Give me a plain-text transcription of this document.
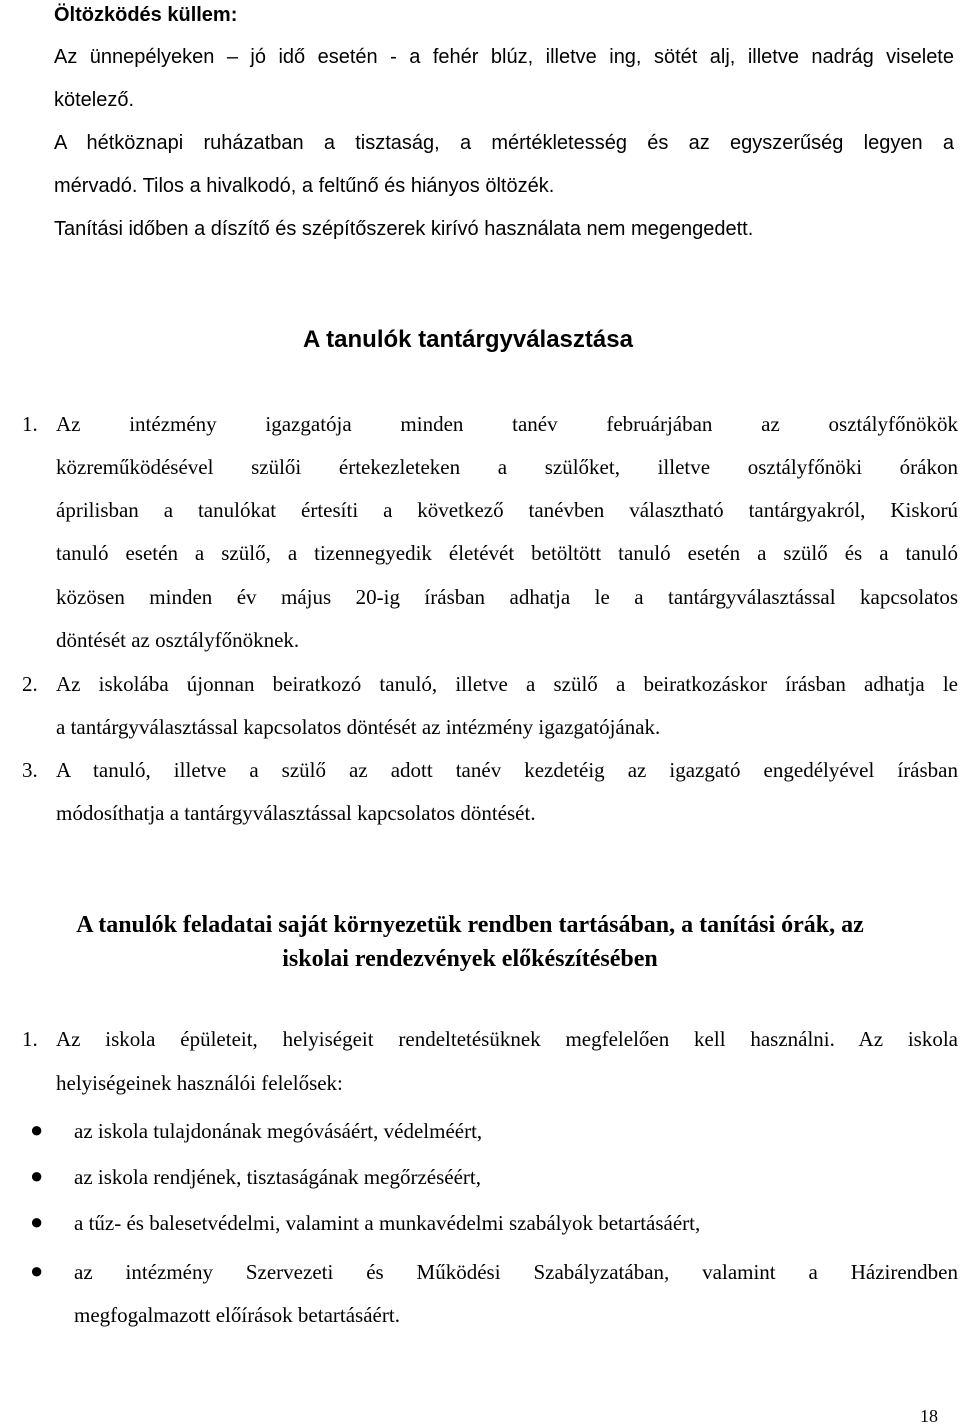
Öltözködés küllem:
Az ünnepélyeken – jó idő esetén - a fehér blúz, illetve ing, sötét alj, illetve nadrág viselete
kötelező.
A hétköznapi ruházatban a tisztaság, a mértékletesség és az egyszerűség legyen a
mérvadó. Tilos a hivalkodó, a feltűnő és hiányos öltözék.
Tanítási időben a díszítő és szépítőszerek kirívó használata nem megengedett.
A tanulók tantárgyválasztása
1. Az intézmény igazgatója minden tanév februárjában az osztályfőnökök
közreműködésével szülői értekezleteken a szülőket, illetve osztályfőnöki órákon
áprilisban a tanulókat értesíti a következő tanévben választható tantárgyakról, Kiskorú
tanuló esetén a szülő, a tizennegyedik életévét betöltött tanuló esetén a szülő és a tanuló
közösen minden év május 20-ig írásban adhatja le a tantárgyválasztással kapcsolatos
döntését az osztályfőnöknek.
2. Az iskolába újonnan beiratkozó tanuló, illetve a szülő a beiratkozáskor írásban adhatja le
a tantárgyválasztással kapcsolatos döntését az intézmény igazgatójának.
3. A tanuló, illetve a szülő az adott tanév kezdetéig az igazgató engedélyével írásban
módosíthatja a tantárgyválasztással kapcsolatos döntését.
A tanulók feladatai saját környezetük rendben tartásában, a tanítási órák, az
iskolai rendezvények előkészítésében
1. Az iskola épületeit, helyiségeit rendeltetésüknek megfelelően kell használni. Az iskola
helyiségeinek használói felelősek:
● az iskola tulajdonának megóvásáért, védelméért,
● az iskola rendjének, tisztaságának megőrzéséért,
● a tűz- és balesetvédelmi, valamint a munkavédelmi szabályok betartásáért,
● az intézmény Szervezeti és Működési Szabályzatában, valamint a Házirendben
megfogalmazott előírások betartásáért.
18
